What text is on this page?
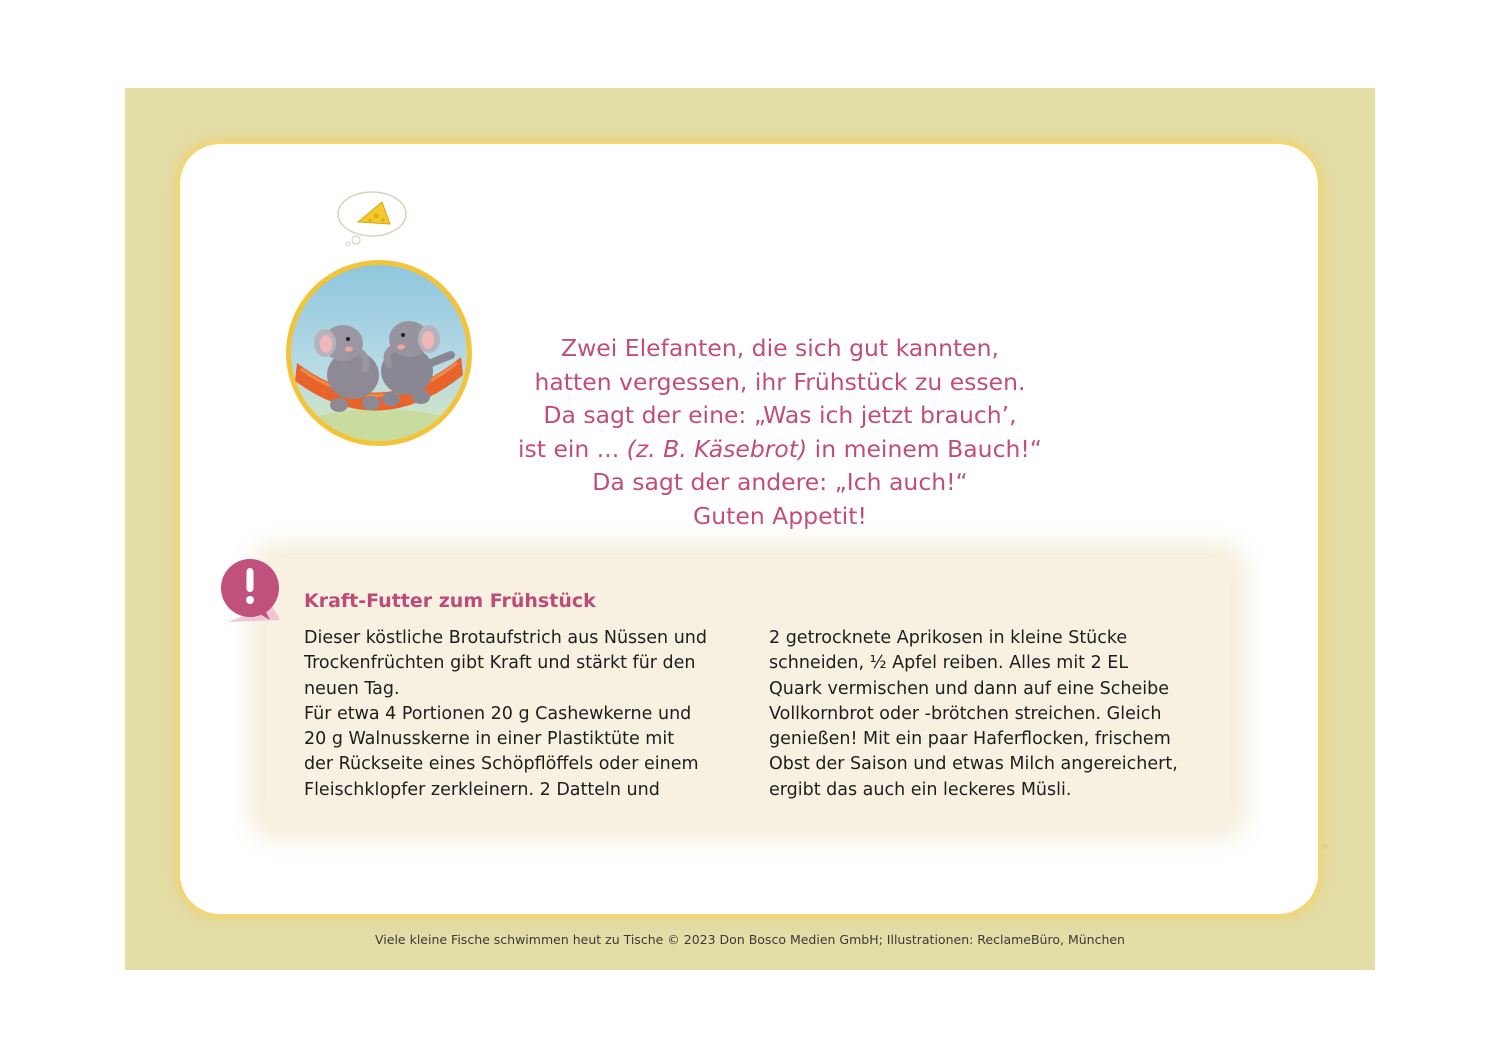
Zwei Elefanten, die sich gut kannten,
hatten vergessen, ihr Frühstück zu essen.
Da sagt der eine: „Was ich jetzt brauch’,
ist ein ... (z. B. Käsebrot) in meinem Bauch!“
Da sagt der andere: „Ich auch!“
Guten Appetit!
Kraft-Futter zum Frühstück
Dieser köstliche Brotaufstrich aus Nüssen und
Trockenfrüchten gibt Kraft und stärkt für den
neuen Tag.
Für etwa 4 Portionen 20 g Cashewkerne und
20 g Walnusskerne in einer Plastiktüte mit
der Rückseite eines Schöpflöffels oder einem
Fleischklopfer zerkleinern. 2 Datteln und
2 getrocknete Aprikosen in kleine Stücke
schneiden, ½ Apfel reiben. Alles mit 2 EL
Quark vermischen und dann auf eine Scheibe
Vollkornbrot oder -brötchen streichen. Gleich
genießen! Mit ein paar Haferflocken, frischem
Obst der Saison und etwas Milch angereichert,
ergibt das auch ein leckeres Müsli.
Viele kleine Fische schwimmen heut zu Tische © 2023 Don Bosco Medien GmbH; Illustrationen: ReclameBüro, München
